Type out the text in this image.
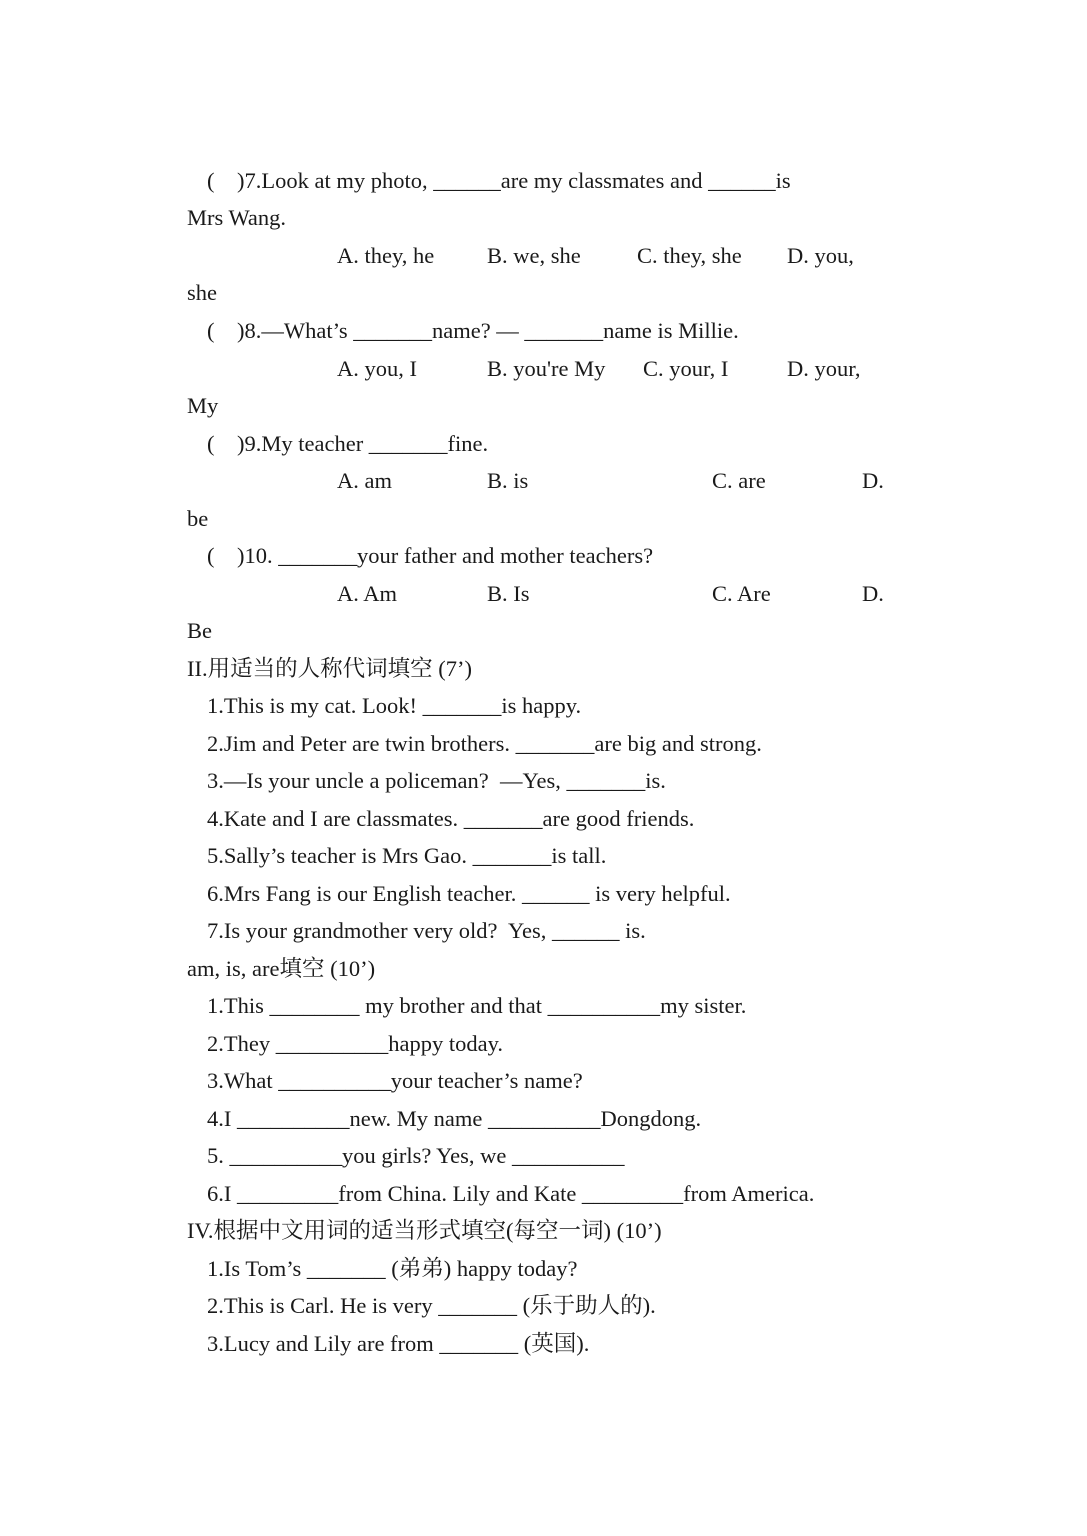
(    )7.Look at my photo, ______are my classmates and ______is
Mrs Wang.
A. they, he B. we, she	C. they, she D. you,
she
(    )8.—What’s _______name? — _______name is Millie.
A. you, I	B. you're My C. your, I	D. your,
My
(    )9.My teacher _______fine.
A. am	B. is	C. are	D.
be
(    )10. _______your father and mother teachers?
A. Am	B. Is	C. Are	D.
Be
II.用适当的人称代词填空 (7’)
1.This is my cat. Look! _______is happy.
2.Jim and Peter are twin brothers. _______are big and strong.
3.—Is your uncle a policeman?  —Yes, _______is.
4.Kate and I are classmates. _______are good friends.
5.Sally’s teacher is Mrs Gao. _______is tall.
6.Mrs Fang is our English teacher. ______ is very helpful.
7.Is your grandmother very old?  Yes, ______ is.
am, is, are填空 (10’)
1.This ________ my brother and that __________my sister.
2.They __________happy today.
3.What __________your teacher’s name?
4.I __________new. My name __________Dongdong.
5. __________you girls? Yes, we __________
6.I _________from China. Lily and Kate _________from America.
IV.根据中文用词的适当形式填空(每空一词) (10’)
1.Is Tom’s _______ (弟弟) happy today?
2.This is Carl. He is very _______ (乐于助人的).
3.Lucy and Lily are from _______ (英国).
